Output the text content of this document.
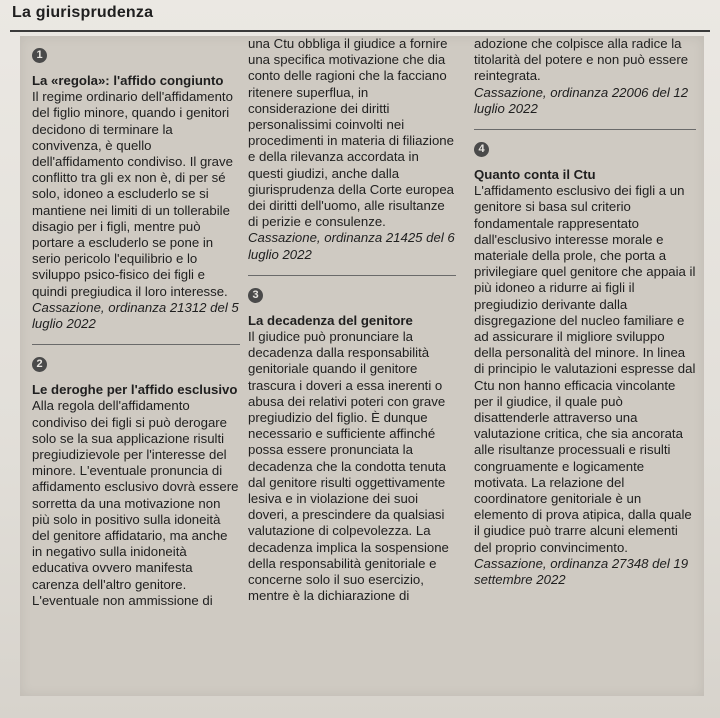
La giurisprudenza
1

La «regola»: l'affido congiunto

Il regime ordinario dell'affidamento del figlio minore, quando i genitori decidono di terminare la convivenza, è quello dell'affidamento condiviso. Il grave conflitto tra gli ex non è, di per sé solo, idoneo a escluderlo se si mantiene nei limiti di un tollerabile disagio per i figli, mentre può portare a escluderlo se pone in serio pericolo l'equilibrio e lo sviluppo psico-fisico dei figli e quindi pregiudica il loro interesse.

Cassazione, ordinanza 21312 del 5 luglio 2022

2

Le deroghe per l'affido esclusivo

Alla regola dell'affidamento condiviso dei figli si può derogare solo se la sua applicazione risulti pregiudizievole per l'interesse del minore. L'eventuale pronuncia di affidamento esclusivo dovrà essere sorretta da una motivazione non più solo in positivo sulla idoneità del genitore affidatario, ma anche in negativo sulla inidoneità educativa ovvero manifesta carenza dell'altro genitore. L'eventuale non ammissione di

una Ctu obbliga il giudice a fornire una specifica motivazione che dia conto delle ragioni che la facciano ritenere superflua, in considerazione dei diritti personalissimi coinvolti nei procedimenti in materia di filiazione e della rilevanza accordata in questi giudizi, anche dalla giurisprudenza della Corte europea dei diritti dell'uomo, alle risultanze di perizie e consulenze.

Cassazione, ordinanza 21425 del 6 luglio 2022

3

La decadenza del genitore

Il giudice può pronunciare la decadenza dalla responsabilità genitoriale quando il genitore trascura i doveri a essa inerenti o abusa dei relativi poteri con grave pregiudizio del figlio. È dunque necessario e sufficiente affinché possa essere pronunciata la decadenza che la condotta tenuta dal genitore risulti oggettivamente lesiva e in violazione dei suoi doveri, a prescindere da qualsiasi valutazione di colpevolezza. La decadenza implica la sospensione della responsabilità genitoriale e concerne solo il suo esercizio, mentre è la dichiarazione di

adozione che colpisce alla radice la titolarità del potere e non può essere reintegrata.

Cassazione, ordinanza 22006 del 12 luglio 2022

4

Quanto conta il Ctu

L'affidamento esclusivo dei figli a un genitore si basa sul criterio fondamentale rappresentato dall'esclusivo interesse morale e materiale della prole, che porta a privilegiare quel genitore che appaia il più idoneo a ridurre ai figli il pregiudizio derivante dalla disgregazione del nucleo familiare e ad assicurare il migliore sviluppo della personalità del minore. In linea di principio le valutazioni espresse dal Ctu non hanno efficacia vincolante per il giudice, il quale può disattenderle attraverso una valutazione critica, che sia ancorata alle risultanze processuali e risulti congruamente e logicamente motivata. La relazione del coordinatore genitoriale è un elemento di prova atipica, dalla quale il giudice può trarre alcuni elementi del proprio convincimento.

Cassazione, ordinanza 27348 del 19 settembre 2022
